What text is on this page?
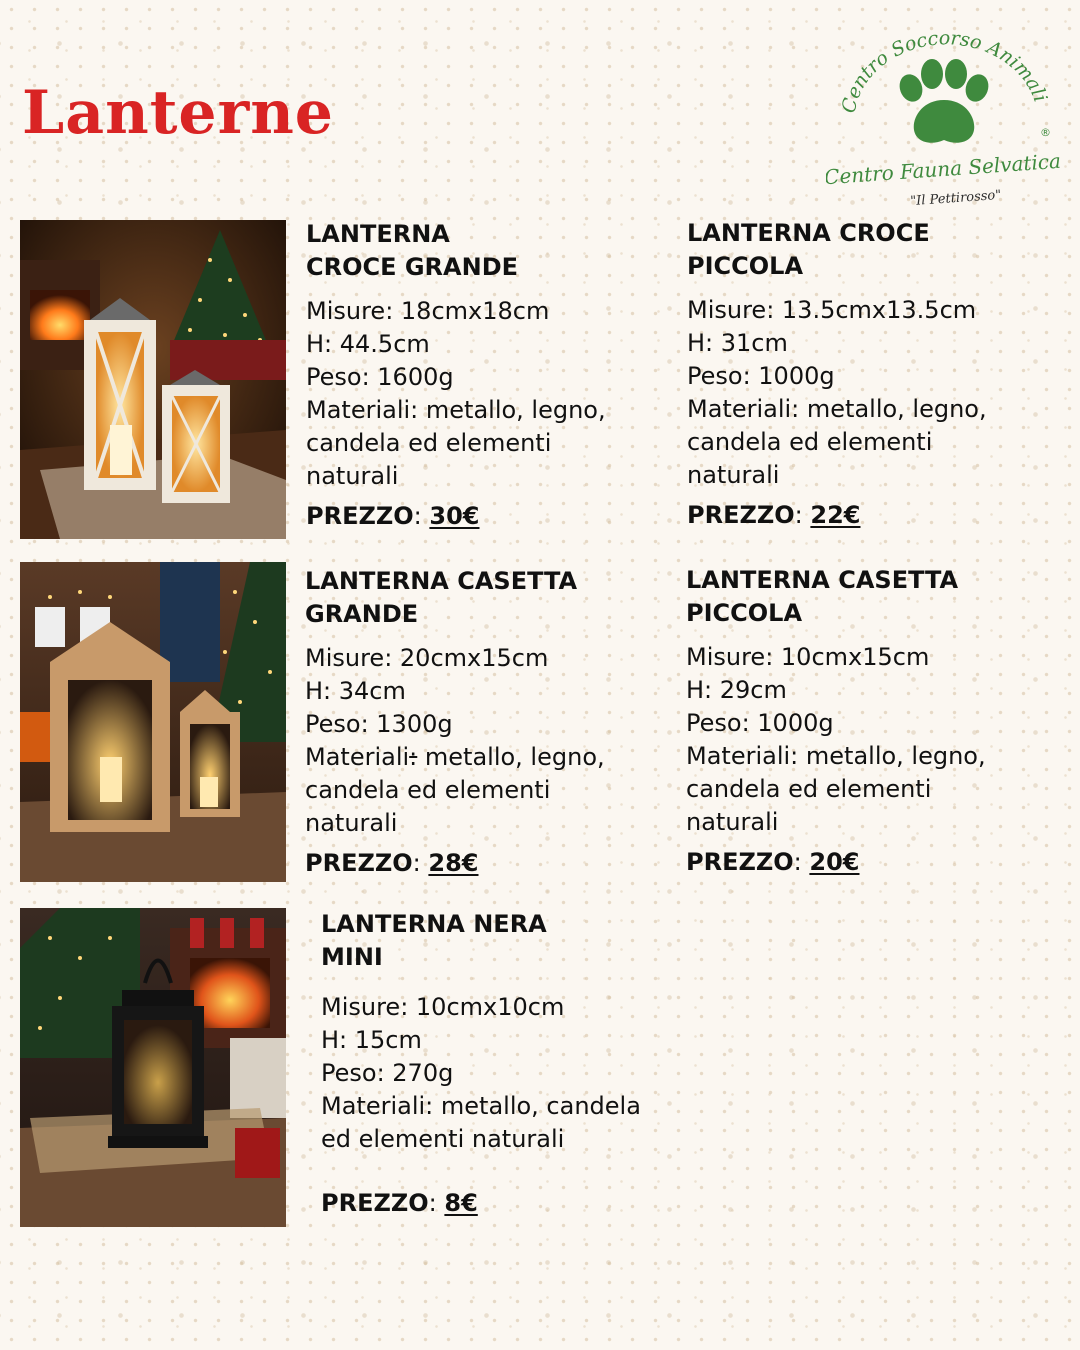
Lanterne	Centro Soccorso Animali
®
Centro Fauna Selvatica
"Il Pettirosso"
LANTERNA
CROCE GRANDE
Misure: 18cmx18cm
H: 44.5cm
Peso: 1600g
Materiali: metallo, legno,
candela ed elementi
naturali
PREZZO: 30€
LANTERNA CROCE
PICCOLA
Misure: 13.5cmx13.5cm
H: 31cm
Peso: 1000g
Materiali: metallo, legno,
candela ed elementi
naturali
PREZZO: 22€
LANTERNA CASETTA
GRANDE
Misure: 20cmx15cm
H: 34cm
Peso: 1300g
Materiali: metallo, legno,
candela ed elementi
naturali
PREZZO: 28€
LANTERNA CASETTA
PICCOLA
Misure: 10cmx15cm
H: 29cm
Peso: 1000g
Materiali: metallo, legno,
candela ed elementi
naturali
PREZZO: 20€
LANTERNA NERA
MINI
Misure: 10cmx10cm
H: 15cm
Peso: 270g
Materiali: metallo, candela
ed elementi naturali
PREZZO: 8€
